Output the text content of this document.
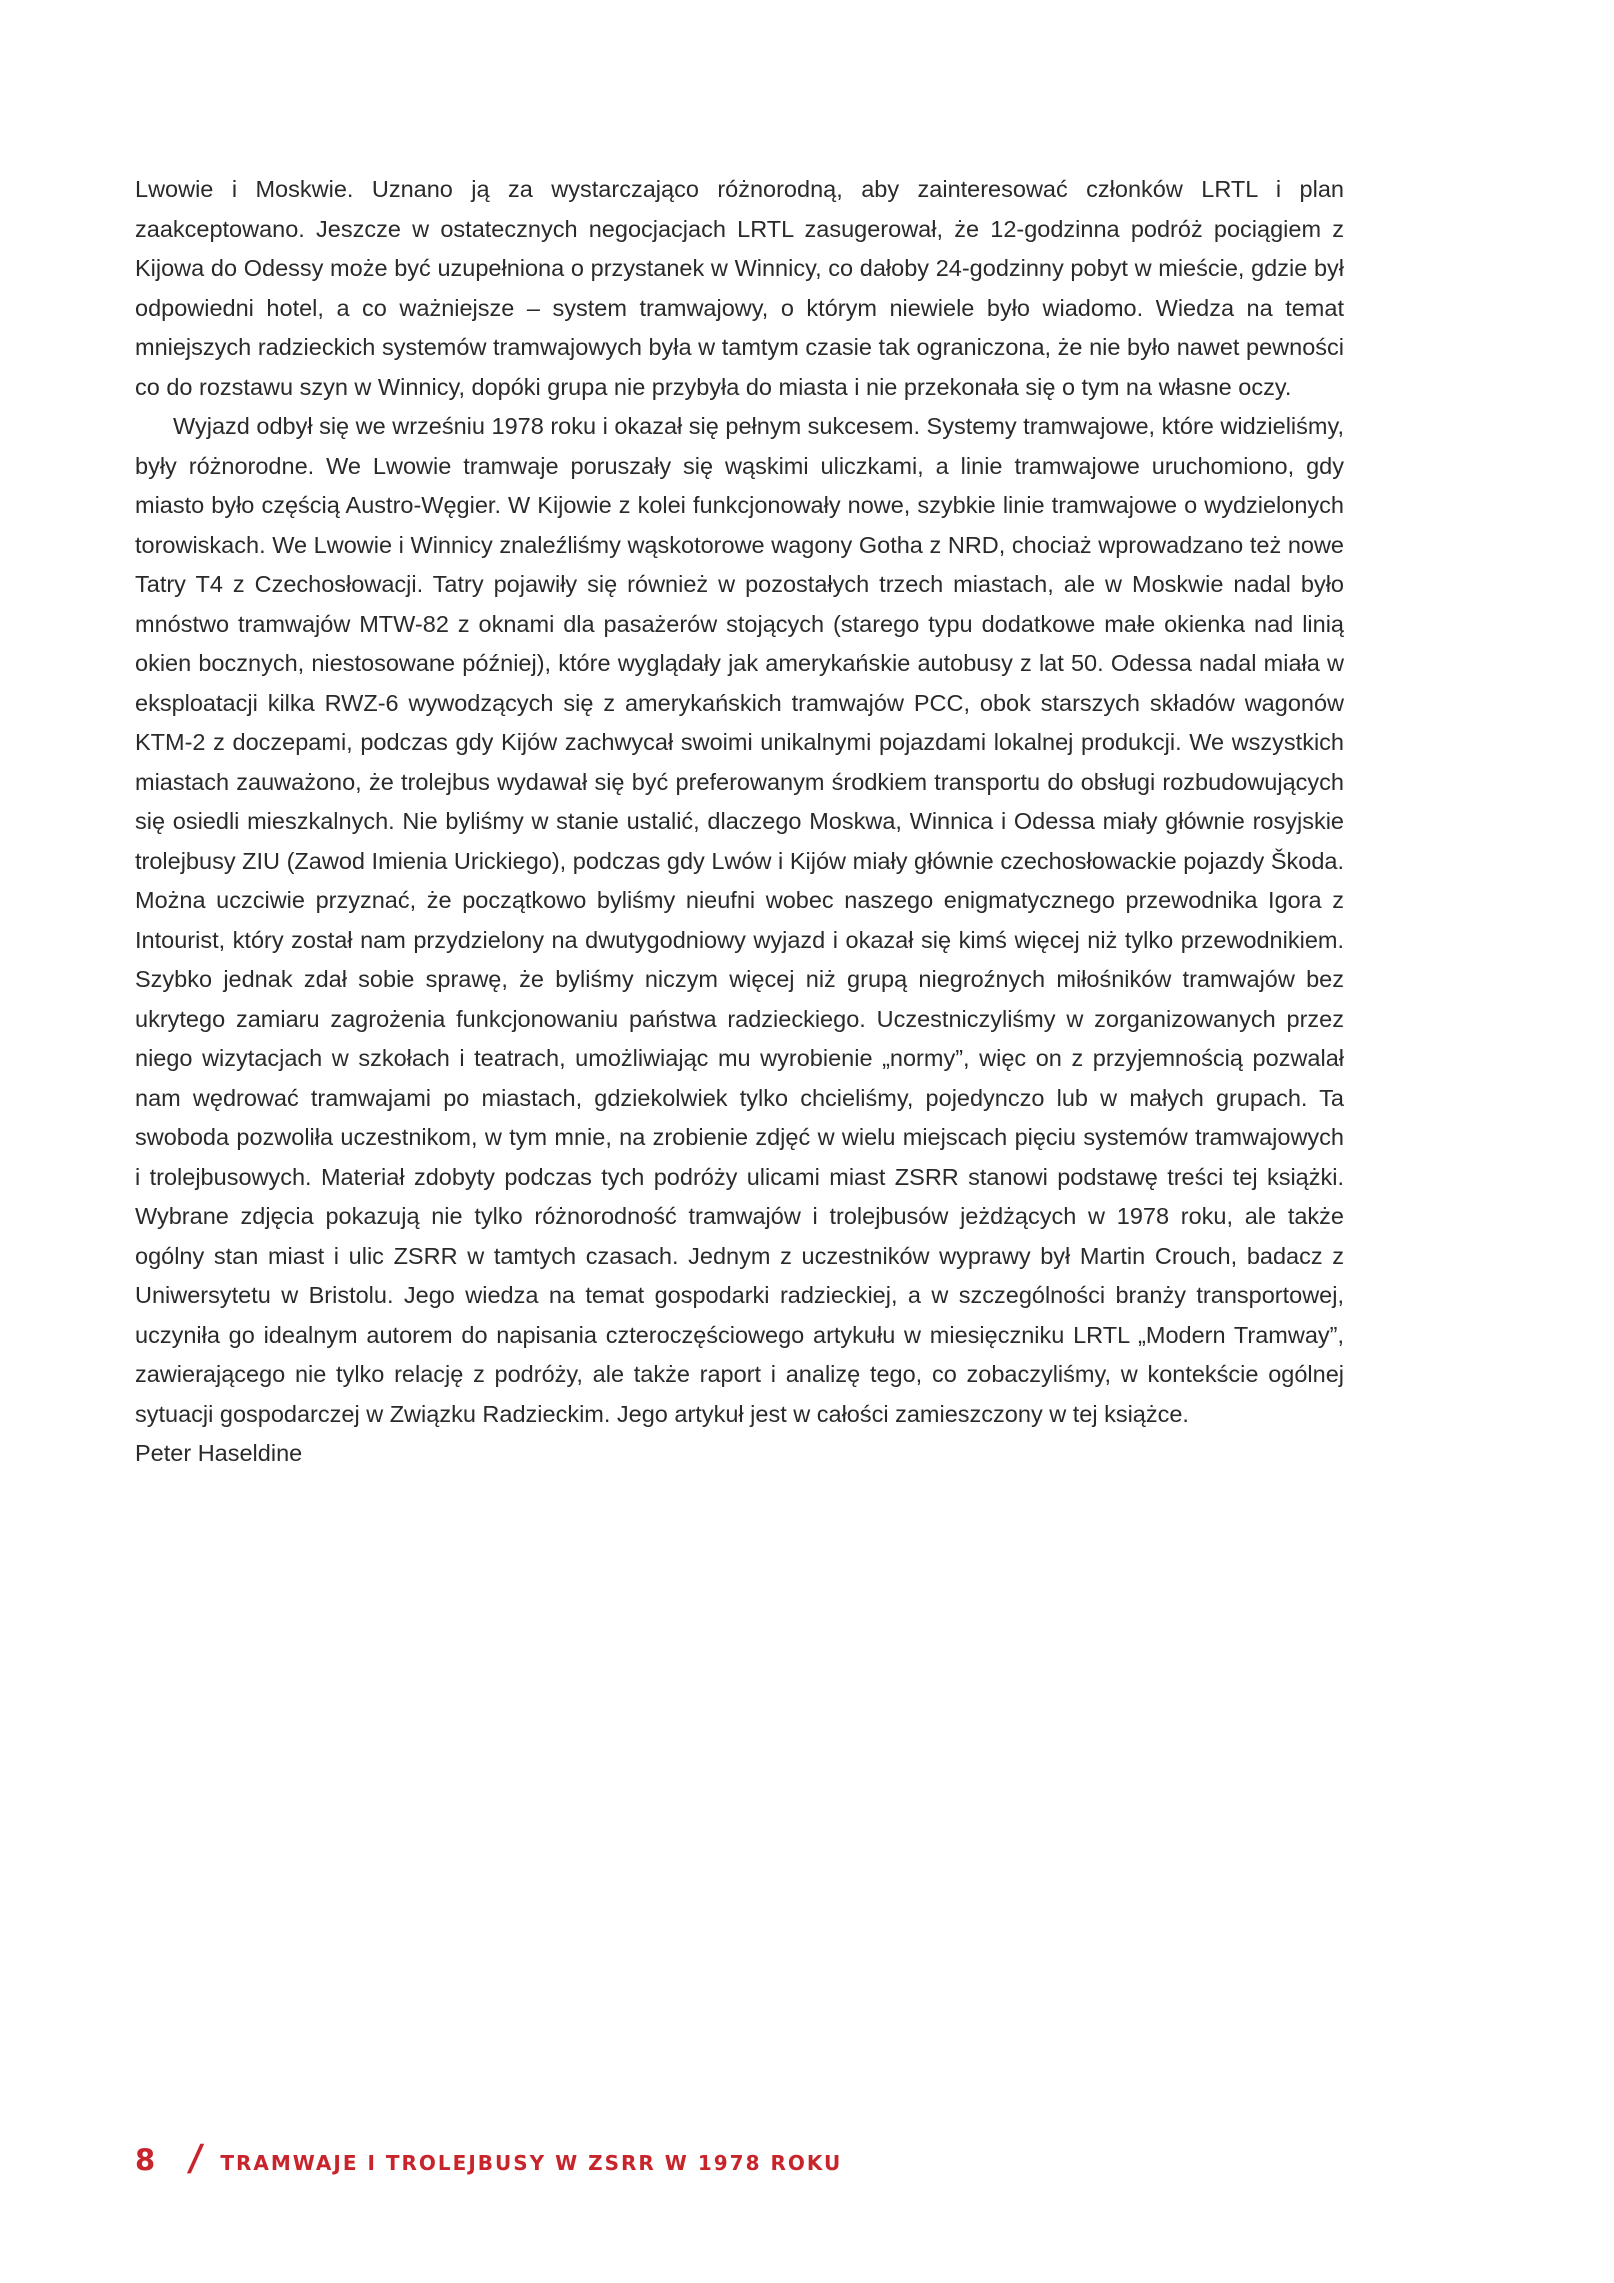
Lwowie i Moskwie. Uznano ją za wystarczająco różnorodną, aby zainteresować członków LRTL i plan zaakceptowano. Jeszcze w ostatecznych negocjacjach LRTL zasugerował, że 12-godzinna podróż pociągiem z Kijowa do Odessy może być uzupełniona o przystanek w Winnicy, co dałoby 24-godzinny pobyt w mieście, gdzie był odpowiedni hotel, a co ważniejsze – system tramwajowy, o którym niewiele było wiadomo. Wiedza na temat mniejszych radzieckich systemów tramwajowych była w tamtym czasie tak ograniczona, że nie było nawet pewności co do rozstawu szyn w Winnicy, dopóki grupa nie przybyła do miasta i nie przekonała się o tym na własne oczy.

Wyjazd odbył się we wrześniu 1978 roku i okazał się pełnym sukcesem. Systemy tramwajowe, które widzieliśmy, były różnorodne. We Lwowie tramwaje poruszały się wąskimi uliczkami, a linie tramwajowe uruchomiono, gdy miasto było częścią Austro-Węgier. W Kijowie z kolei funkcjonowały nowe, szybkie linie tramwajowe o wydzielonych torowiskach. We Lwowie i Winnicy znaleźliśmy wąskotorowe wagony Gotha z NRD, chociaż wprowadzano też nowe Tatry T4 z Czechosłowacji. Tatry pojawiły się również w pozostałych trzech miastach, ale w Moskwie nadal było mnóstwo tramwajów MTW-82 z oknami dla pasażerów stojących (starego typu dodatkowe małe okienka nad linią okien bocznych, niestosowane później), które wyglądały jak amerykańskie autobusy z lat 50. Odessa nadal miała w eksploatacji kilka RWZ-6 wywodzących się z amerykańskich tramwajów PCC, obok starszych składów wagonów KTM-2 z doczepami, podczas gdy Kijów zachwycał swoimi unikalnymi pojazdami lokalnej produkcji. We wszystkich miastach zauważono, że trolejbus wydawał się być preferowanym środkiem transportu do obsługi rozbudowujących się osiedli mieszkalnych. Nie byliśmy w stanie ustalić, dlaczego Moskwa, Winnica i Odessa miały głównie rosyjskie trolejbusy ZIU (Zawod Imienia Urickiego), podczas gdy Lwów i Kijów miały głównie czechosłowackie pojazdy Škoda. Można uczciwie przyznać, że początkowo byliśmy nieufni wobec naszego enigmatycznego przewodnika Igora z Intourist, który został nam przydzielony na dwutygodniowy wyjazd i okazał się kimś więcej niż tylko przewodnikiem. Szybko jednak zdał sobie sprawę, że byliśmy niczym więcej niż grupą niegroźnych miłośników tramwajów bez ukrytego zamiaru zagrożenia funkcjonowaniu państwa radzieckiego. Uczestniczyliśmy w zorganizowanych przez niego wizytacjach w szkołach i teatrach, umożliwiając mu wyrobienie „normy”, więc on z przyjemnością pozwalał nam wędrować tramwajami po miastach, gdziekolwiek tylko chcieliśmy, pojedynczo lub w małych grupach. Ta swoboda pozwoliła uczestnikom, w tym mnie, na zrobienie zdjęć w wielu miejscach pięciu systemów tramwajowych i trolejbusowych. Materiał zdobyty podczas tych podróży ulicami miast ZSRR stanowi podstawę treści tej książki. Wybrane zdjęcia pokazują nie tylko różnorodność tramwajów i trolejbusów jeżdżących w 1978 roku, ale także ogólny stan miast i ulic ZSRR w tamtych czasach. Jednym z uczestników wyprawy był Martin Crouch, badacz z Uniwersytetu w Bristolu. Jego wiedza na temat gospodarki radzieckiej, a w szczególności branży transportowej, uczyniła go idealnym autorem do napisania czteroczęściowego artykułu w miesięczniku LRTL „Modern Tramway”, zawierającego nie tylko relację z podróży, ale także raport i analizę tego, co zobaczyliśmy, w kontekście ogólnej sytuacji gospodarczej w Związku Radzieckim. Jego artykuł jest w całości zamieszczony w tej książce.

Peter Haseldine

8 / TRAMWAJE I TROLEJBUSY W ZSRR W 1978 ROKU
